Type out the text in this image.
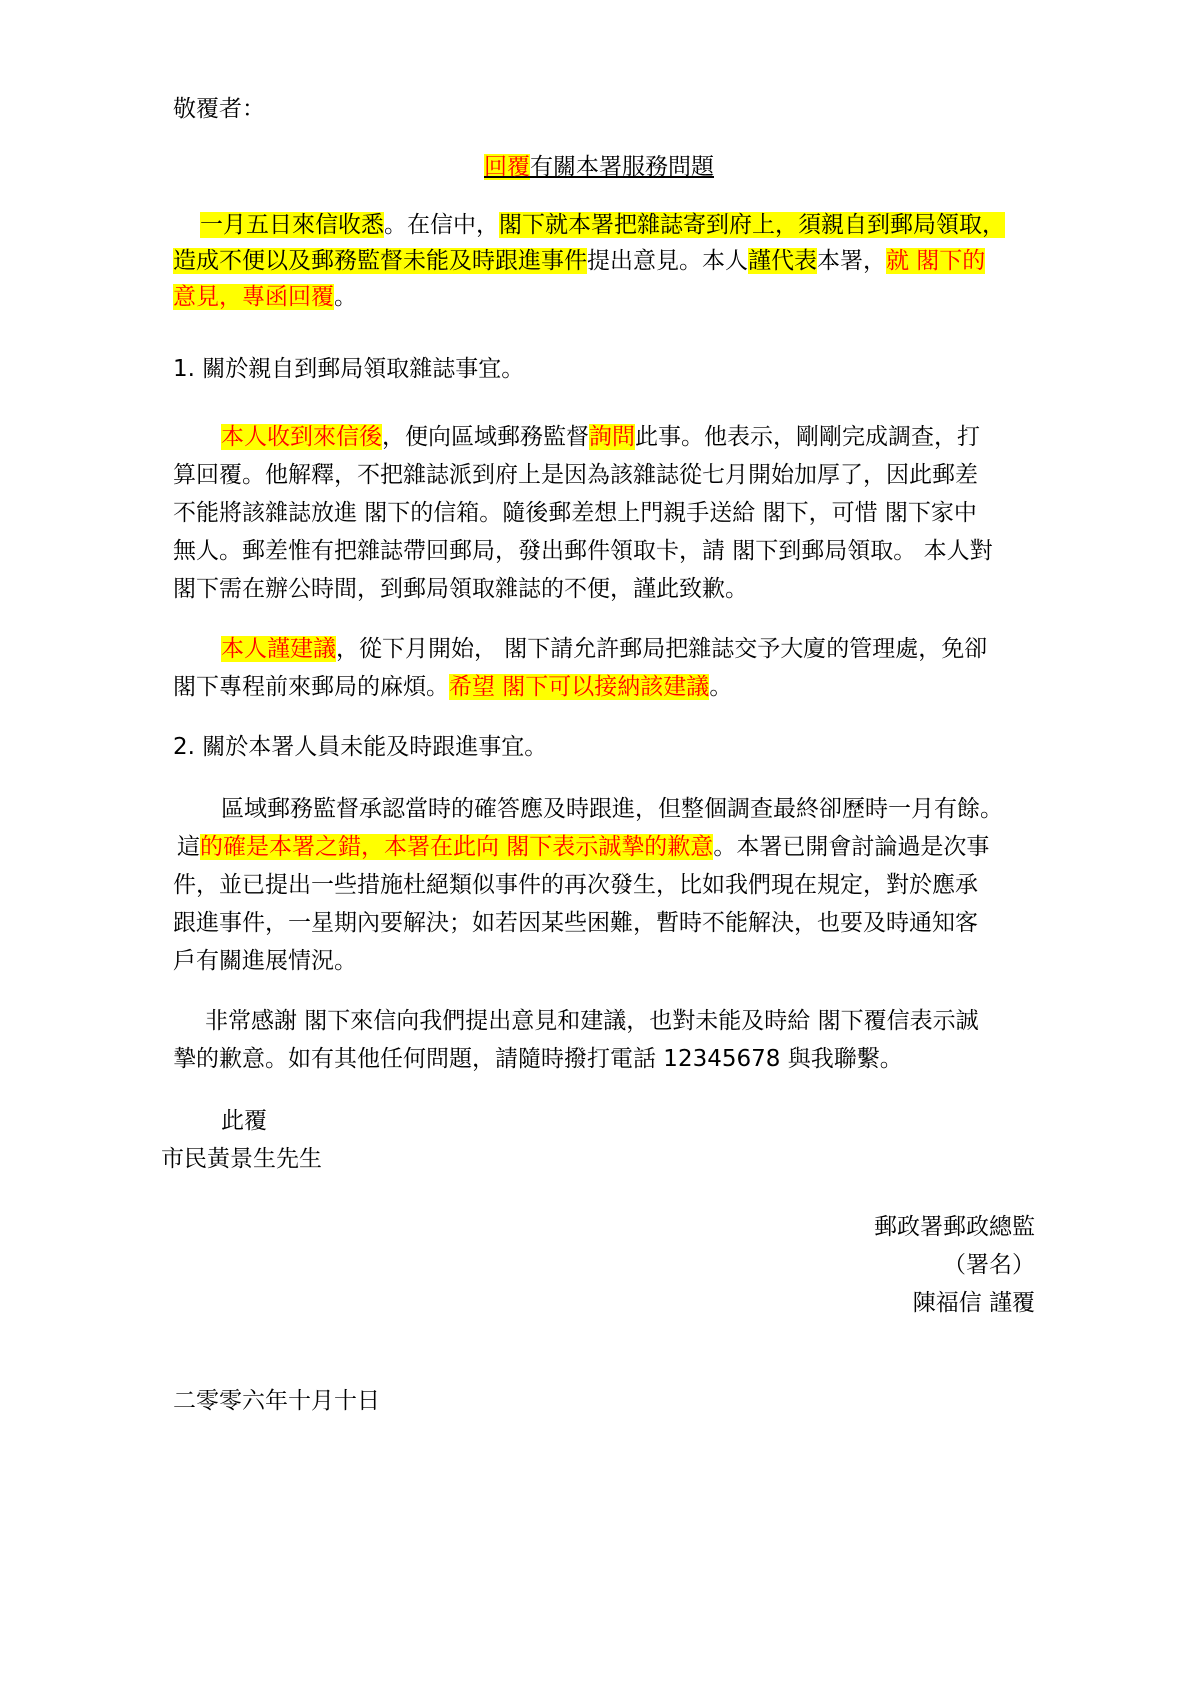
敬覆者：
回覆有關本署服務問題
一月五日來信收悉。在信中，閣下就本署把雜誌寄到府上，須親自到郵局領取，
造成不便以及郵務監督未能及時跟進事件提出意見。本人謹代表本署，就 閣下的
意見，專函回覆。
1. 關於親自到郵局領取雜誌事宜。
本人收到來信後，便向區域郵務監督詢問此事。他表示，剛剛完成調查，打
算回覆。他解釋，不把雜誌派到府上是因為該雜誌從七月開始加厚了，因此郵差
不能將該雜誌放進 閣下的信箱。隨後郵差想上門親手送給 閣下，可惜 閣下家中
無人。郵差惟有把雜誌帶回郵局，發出郵件領取卡，請 閣下到郵局領取。 本人對
閣下需在辦公時間，到郵局領取雜誌的不便，謹此致歉。
本人謹建議，從下月開始， 閣下請允許郵局把雜誌交予大廈的管理處，免卻
閣下專程前來郵局的麻煩。希望 閣下可以接納該建議。
2. 關於本署人員未能及時跟進事宜。
區域郵務監督承認當時的確答應及時跟進，但整個調查最終卻歷時一月有餘。
這的確是本署之錯，本署在此向 閣下表示誠摯的歉意。本署已開會討論過是次事
件，並已提出一些措施杜絕類似事件的再次發生，比如我們現在規定，對於應承
跟進事件，一星期內要解決；如若因某些困難，暫時不能解決，也要及時通知客
戶有關進展情況。
非常感謝 閣下來信向我們提出意見和建議，也對未能及時給 閣下覆信表示誠
摯的歉意。如有其他任何問題，請隨時撥打電話 12345678 與我聯繫。
此覆
市民黃景生先生
郵政署郵政總監
（署名）
陳福信 謹覆
二零零六年十月十日
